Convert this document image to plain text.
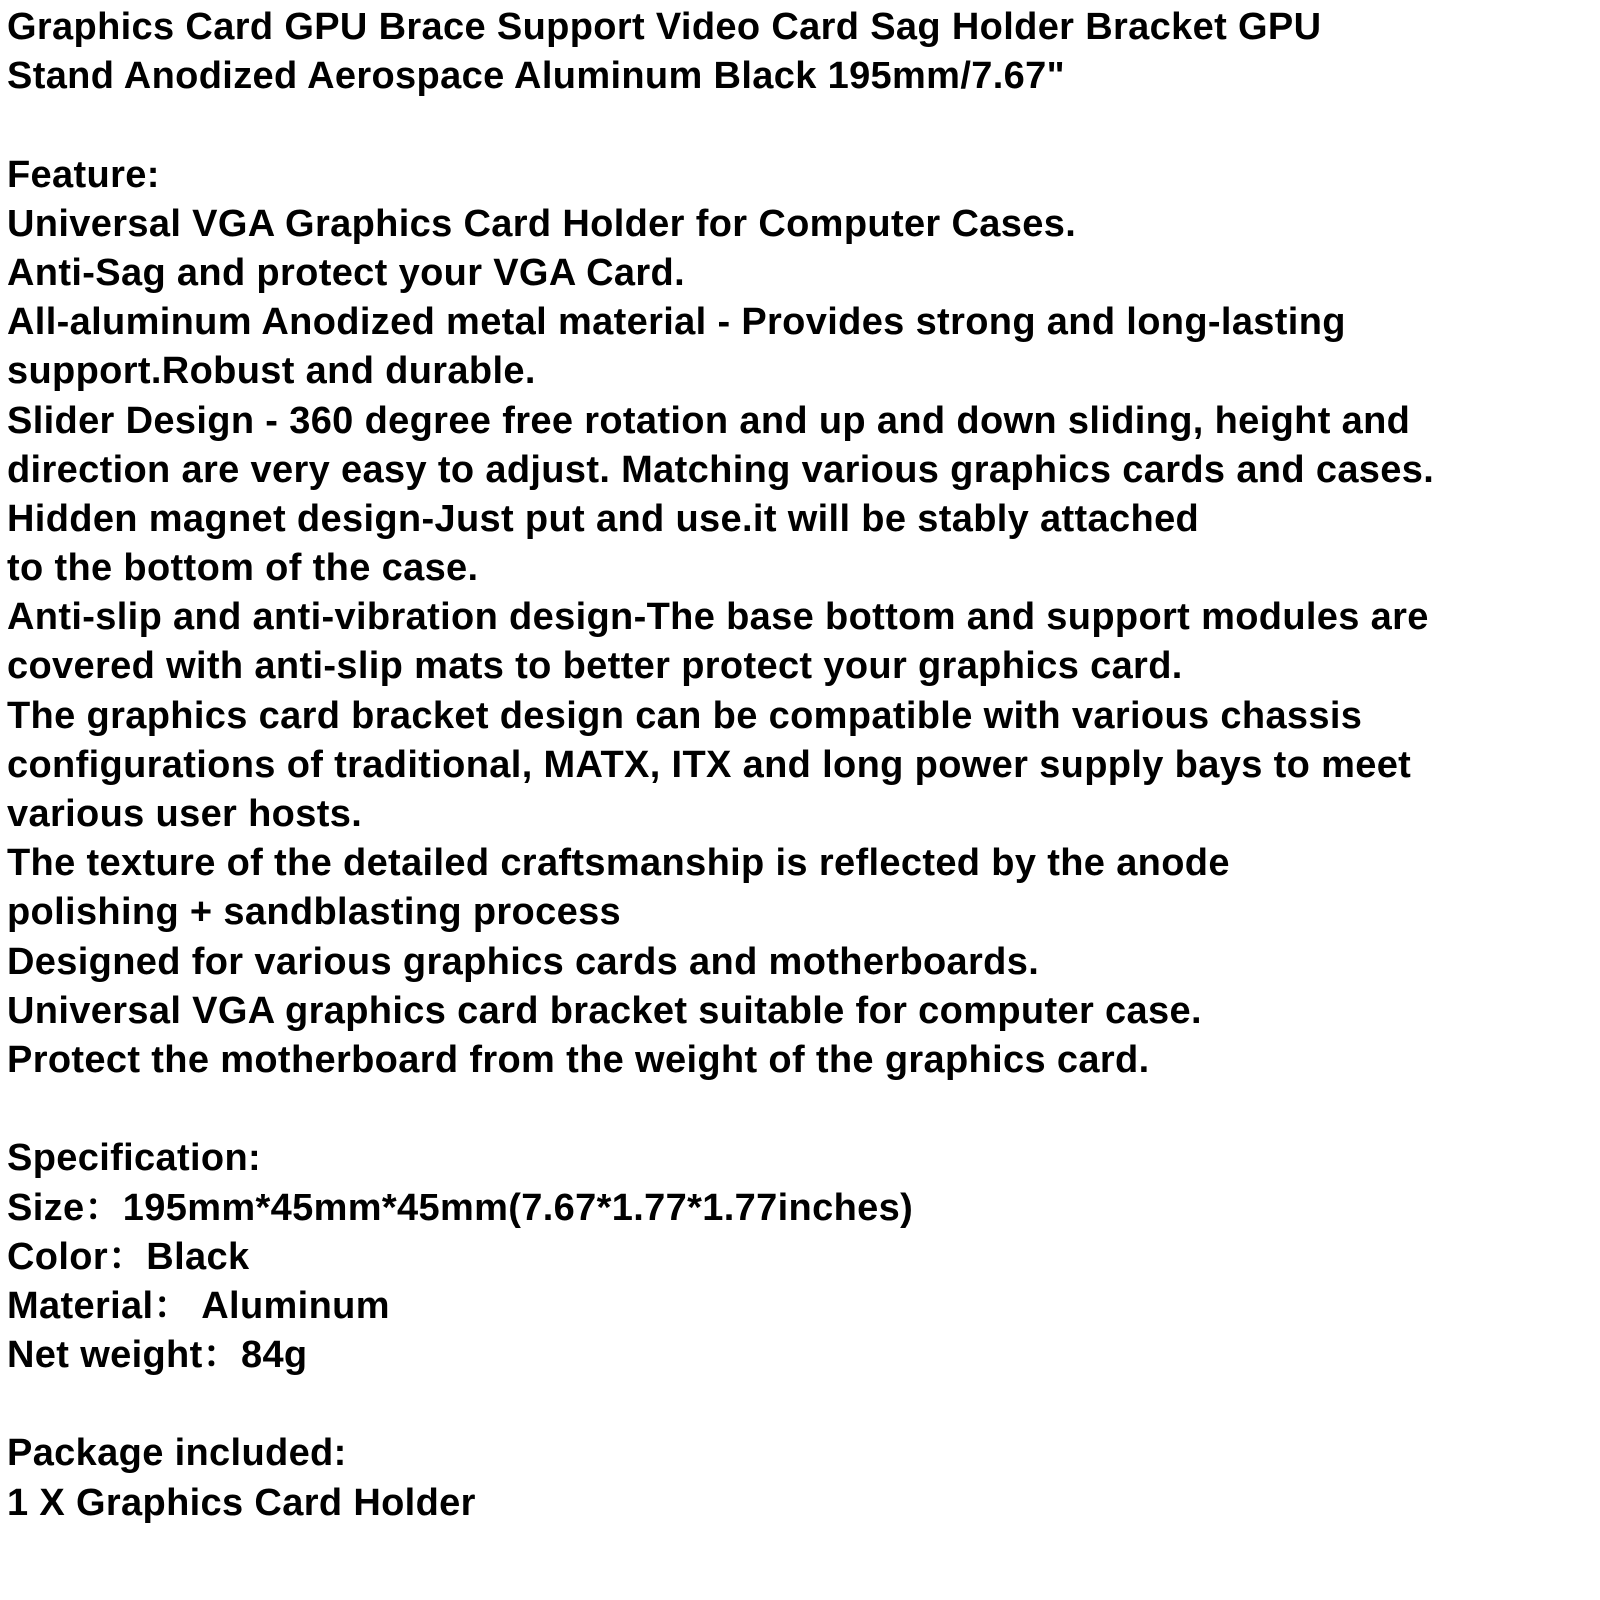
Graphics Card GPU Brace Support Video Card Sag Holder Bracket GPU
Stand Anodized Aerospace Aluminum Black 195mm/7.67"
Feature:
Universal VGA Graphics Card Holder for Computer Cases.
Anti-Sag and protect your VGA Card.
All-aluminum Anodized metal material - Provides strong and long-lasting
support.Robust and durable.
Slider Design - 360 degree free rotation and up and down sliding, height and
direction are very easy to adjust. Matching various graphics cards and cases.
Hidden magnet design-Just put and use.it will be stably attached
to the bottom of the case.
Anti-slip and anti-vibration design-The base bottom and support modules are
covered with anti-slip mats to better protect your graphics card.
The graphics card bracket design can be compatible with various chassis
configurations of traditional, MATX, ITX and long power supply bays to meet
various user hosts.
The texture of the detailed craftsmanship is reflected by the anode
polishing + sandblasting process
Designed for various graphics cards and motherboards.
Universal VGA graphics card bracket suitable for computer case.
Protect the motherboard from the weight of the graphics card.
Specification:
Size：195mm*45mm*45mm(7.67*1.77*1.77inches)
Color：Black
Material： Aluminum
Net weight：84g
Package included:
1 X Graphics Card Holder
